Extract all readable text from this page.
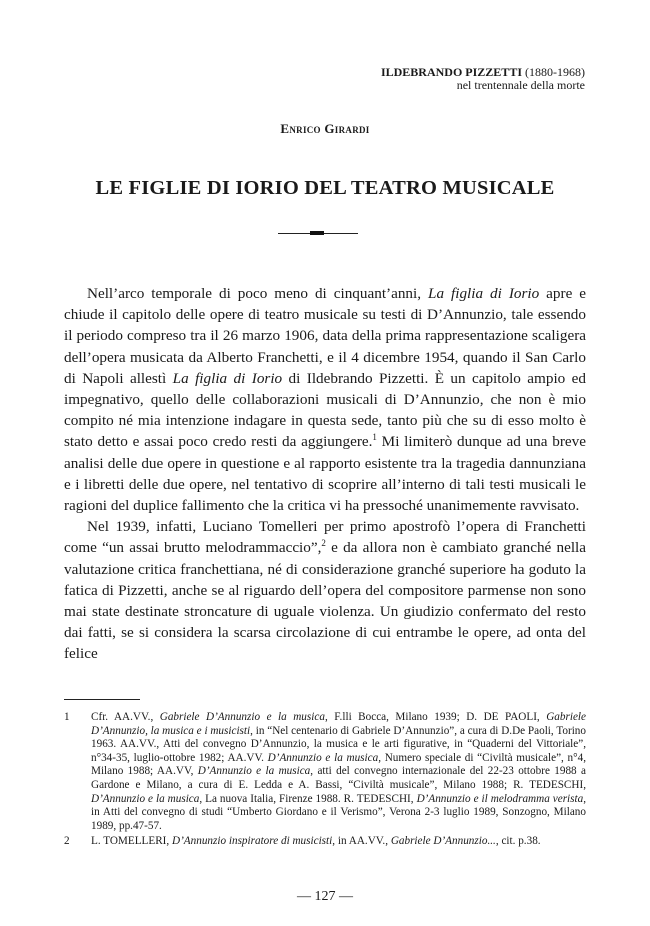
ILDEBRANDO PIZZETTI (1880-1968)
nel trentennale della morte
Enrico Girardi
LE FIGLIE DI IORIO DEL TEATRO MUSICALE

Nell’arco temporale di poco meno di cinquant’anni, La figlia di Iorio apre e chiude il capitolo delle opere di teatro musicale su testi di D’Annunzio, tale essendo il periodo compreso tra il 26 marzo 1906, data della prima rappresentazione scaligera dell’opera musicata da Alberto Franchetti, e il 4 dicembre 1954, quando il San Carlo di Napoli allestì La figlia di Iorio di Ildebrando Pizzetti. È un capitolo ampio ed impegnativo, quello delle collaborazioni musicali di D’Annunzio, che non è mio compito né mia intenzione indagare in questa sede, tanto più che su di esso molto è stato detto e assai poco credo resti da aggiungere.$^1$ Mi limiterò dunque ad una breve analisi delle due opere in questione e al rapporto esistente tra la tragedia dannunziana e i libretti delle due opere, nel tentativo di scoprire all’interno di tali testi musicali le ragioni del duplice fallimento che la critica vi ha pressoché unanimemente ravvisato.

Nel 1939, infatti, Luciano Tomelleri per primo apostrofò l’opera di Franchetti come “un assai brutto melodrammaccio”,$^2$ e da allora non è cambiato granché nella valutazione critica franchettiana, né di considerazione granché superiore ha goduto la fatica di Pizzetti, anche se al riguardo dell’opera del compositore parmense non sono mai state destinate stroncature di uguale violenza. Un giudizio confermato del resto dai fatti, se si considera la scarsa circolazione di cui entrambe le opere, ad onta del felice

1 Cfr. AA.VV., Gabriele D’Annunzio e la musica, F.lli Bocca, Milano 1939; D. DE PAOLI, Gabriele D’Annunzio, la musica e i musicisti, in “Nel centenario di Gabriele D’Annunzio”, a cura di D.De Paoli, Torino 1963. AA.VV., Atti del convegno D’Annunzio, la musica e le arti figurative, in “Quaderni del Vittoriale”, n°34-35, luglio-ottobre 1982; AA.VV. D’Annunzio e la musica, Numero speciale di “Civiltà musicale”, n°4, Milano 1988; AA.VV, D’Annunzio e la musica, atti del convegno internazionale del 22-23 ottobre 1988 a Gardone e Milano, a cura di E. Ledda e A. Bassi, “Civiltà musicale”, Milano 1988; R. TEDESCHI, D’Annunzio e la musica, La nuova Italia, Firenze 1988. R. TEDESCHI, D’Annunzio e il melodramma verista, in Atti del convegno di studi “Umberto Giordano e il Verismo”, Verona 2-3 luglio 1989, Sonzogno, Milano 1989, pp.47-57.
2 L. TOMELLERI, D’Annunzio inspiratore di musicisti, in AA.VV., Gabriele D’Annunzio..., cit. p.38.
— 127 —
